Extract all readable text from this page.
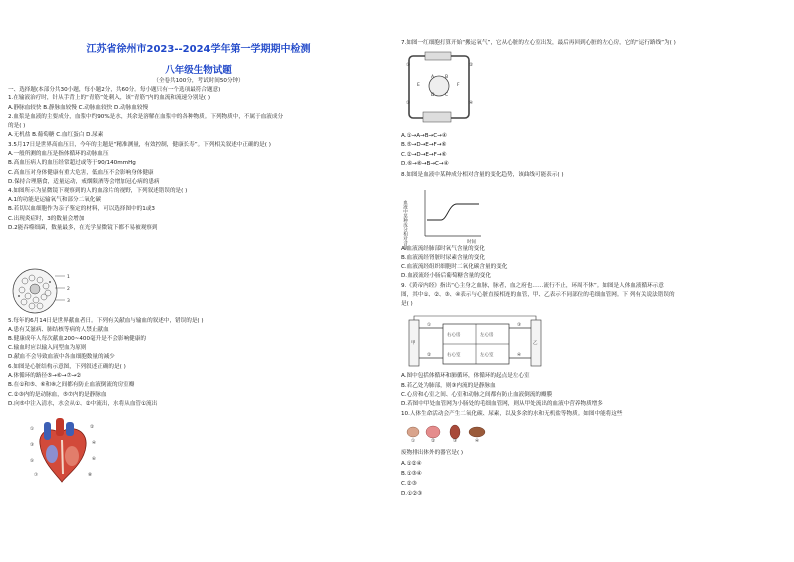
江苏省徐州市2023--2024学年第一学期期中检测
八年级生物试题
（全卷共100分，考试时间50分钟）
一、选择题(本部分共30小题，每小题2分，共60分。每小题只有一个选项最符合题意)
1.在输液治疗时，针从手背上的“青筋”处刺入，该“青筋”内的血流和流速分别是( )
A.静脉血较快 B.静脉血较慢 C.动脉血较快 D.动脉血较慢
2.血浆是血液的主要成分，血浆中约90%是水，其余是溶解在血浆中的各种物质。下列物质中，不属于血液成分
的是( )
A.无机盐 B.葡萄糖 C.血红蛋白 D.尿素
3.5月17日是世界高血压日，今年的主题是“精准测量，有效控制，健康长寿”。下列相关叙述中正确的是( )
A.一般所测的血压是指体循环的动脉血压
B.高血压病人的血压经常超过或等于90/140mmHg
C.高血压对身体健康有重大危害，低血压不会影响身体健康
D.保持合理膳食，适量运动，戒烟限酒等会增加冠心病的患病
4.如图所示为显微镜下观察到的人的血涂片的视野，下列叙述错误的是( )
A.1的功能是运输氧气和部分二氧化碳
B.若切以血细胞作为亲子鉴定的材料，可以选择图中的1或3
C.出现炎症时，3的数量会增加
D.2能吞噬细菌，数量最多，在光学显微镜下都不易被观察到
1
2
3
5.每年的6月14日是世界献血者日。下列有关献血与输血的叙述中，错误的是( )
A.患有艾滋病、肺结核等病的人禁止献血
B.健康成年人每次献血200~400毫升是不会影响健康的
C.输血时应以输入同型血为原则
D.献血不会导致血液中各血细胞数量的减少
6.如图是心脏结构示意图，下列叙述正确的是( )
A.体循环的路径⑤→⑥→⑦→②
B.在①和⑤、⑥和⑧之间都有防止血液倒流的房室瓣
C.②③内的是动脉血，⑤⑦内的是静脉血
D.向⑤中注入清水，水会从①、②中流出，水将从血管①流出
①	②
③	④
⑤	⑥
⑦	⑧
7.如图一红细胞打算开始“搬运氧气”，它从心脏的左心室出发，最后再回到心脏的左心房，它的“运行路线”为( )
①	②
③	④
A B
C
D
E	F
A.①→A→B→C→④
B.⑤→D→E→F→⑥
C.②→D→E→F→⑥
D.⑥→⑧→B→C→④
8.如图是血液中某种成分相对含量的变化趋势，该曲线可能表示( )
血液中某种成分相对含量	时间
A.血液流经肺部时氧气含量的变化
B.血液流经肾脏时尿素含量的变化
C.血液流经组织细胞时二氧化碳含量的变化
D.血液流经小肠后葡萄糖含量的变化
9.《黄帝内经》指出“心主身之血脉，脉者，血之府也……流行不止，环周不休”。如图是人体血液循环示意
图，其中①、②、③、④表示与心脏直接相连的血管，甲、乙表示不同部位的毛细血管网。下 列有关说法错误的
是( )
右心房	左心房
右心室	左心室
甲	乙
①
②
③
④
A.图中包括体循环和肺循环，体循环的起点是左心室
B.若乙处为肺部，则③内流的是静脉血
C.心房和心室之间、心室和动脉之间都有防止血液倒流的瓣膜
D.若图中甲处血管网为小肠处的毛细血管网，则从甲处流出的血液中营养物质增多
10.人体生命活动会产生二氧化碳、尿素，以及多余的水和无机盐等物质。如图中能将这些
①	②	③	④
废物排出体外的器官是( )
A.①②④
B.①③④
C.②③
D.①②③
